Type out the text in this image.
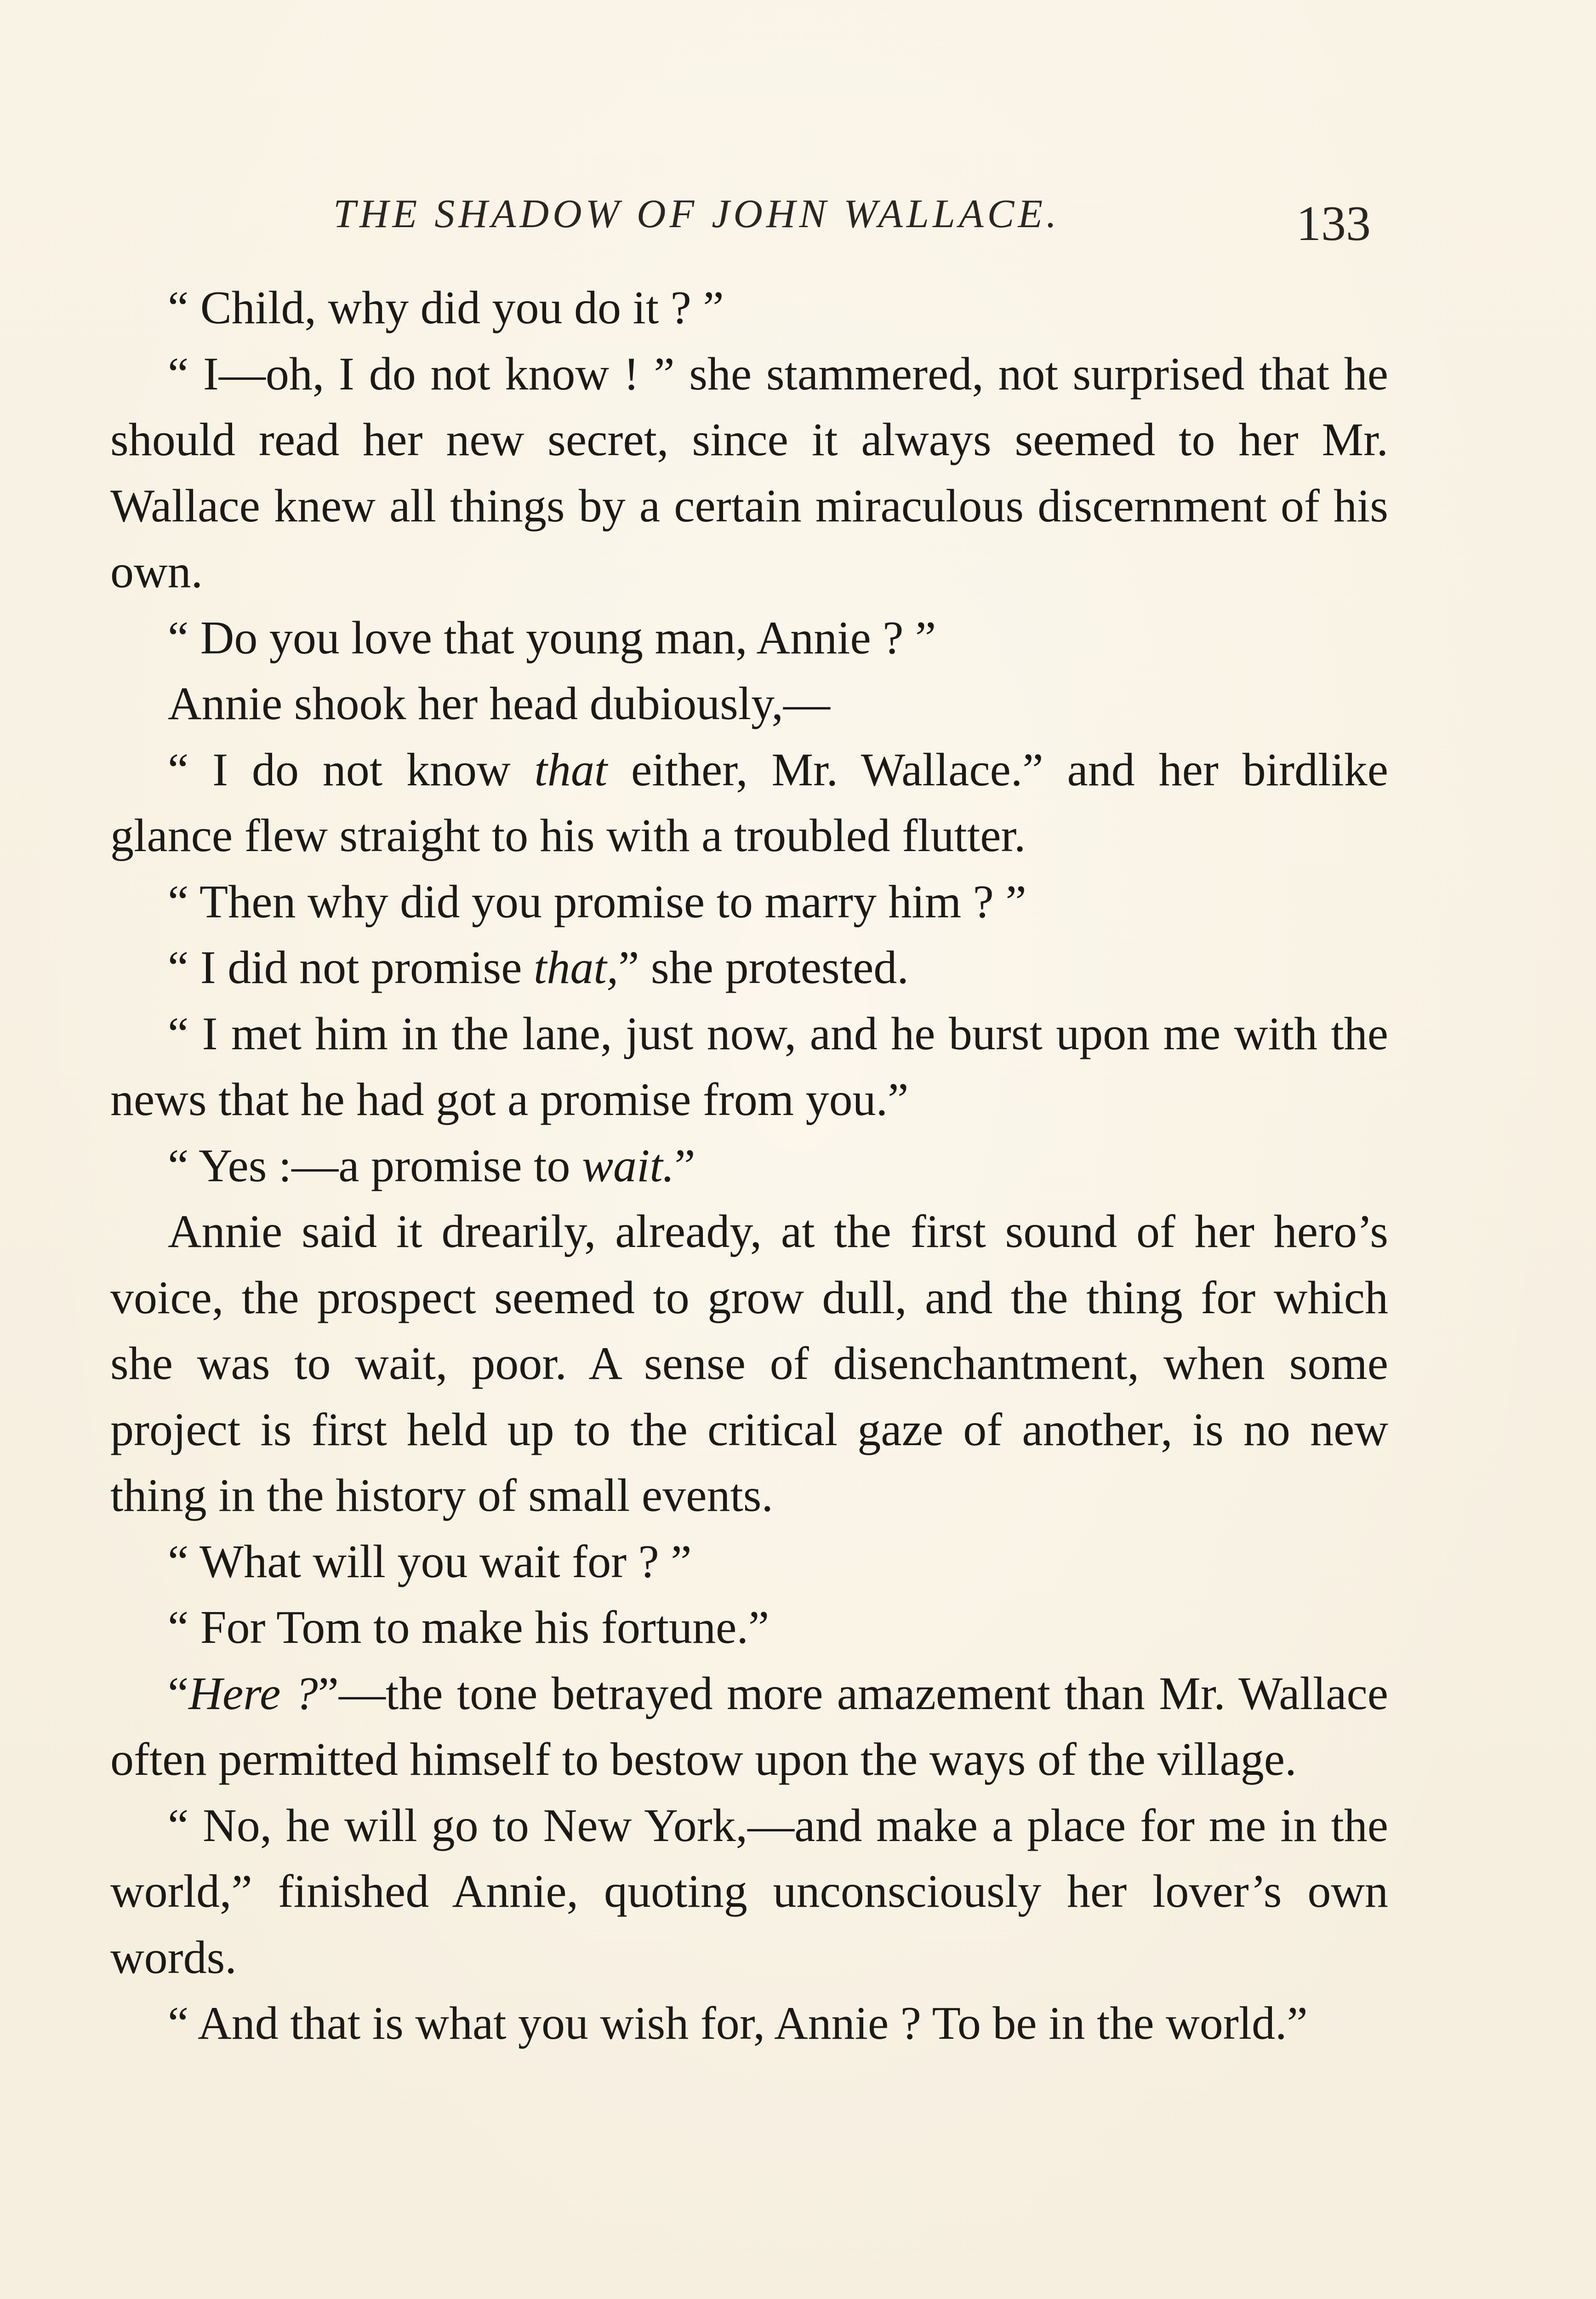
THE SHADOW OF JOHN WALLACE.	133

“ Child, why did you do it ? ”

“ I—oh, I do not know ! ” she stammered, not surprised that he should read her new secret, since it always seemed to her Mr. Wallace knew all things by a certain miraculous discernment of his own.

“ Do you love that young man, Annie ? ”

Annie shook her head dubiously,—

“ I do not know that either, Mr. Wallace.” and her birdlike glance flew straight to his with a troubled flutter.

“ Then why did you promise to marry him ? ”

“ I did not promise that,” she protested.

“ I met him in the lane, just now, and he burst upon me with the news that he had got a promise from you.”

“ Yes :—a promise to wait.”

Annie said it drearily, already, at the first sound of her hero’s voice, the prospect seemed to grow dull, and the thing for which she was to wait, poor. A sense of disenchantment, when some project is first held up to the critical gaze of another, is no new thing in the history of small events.

“ What will you wait for ? ”

“ For Tom to make his fortune.”

“Here ?”—the tone betrayed more amazement than Mr. Wallace often permitted himself to bestow upon the ways of the village.

“ No, he will go to New York,—and make a place for me in the world,” finished Annie, quoting unconsciously her lover’s own words.

“ And that is what you wish for, Annie ? To be in the world.”
